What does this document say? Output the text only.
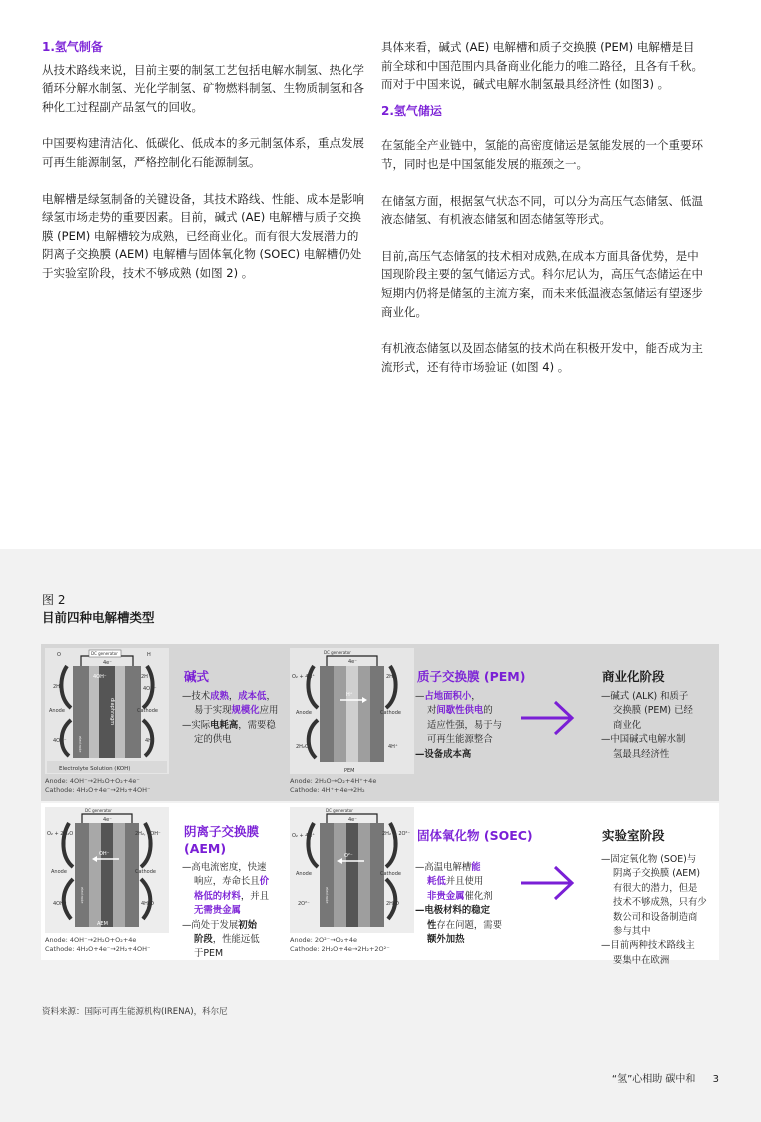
1.氢气制备

从技术路线来说，目前主要的制氢工艺包括电解水制氢、热化学循环分解水制氢、光化学制氢、矿物燃料制氢、生物质制氢和各种化工过程副产品氢气的回收。

中国要构建清洁化、低碳化、低成本的多元制氢体系，重点发展可再生能源制氢，严格控制化石能源制氢。

电解槽是绿氢制备的关键设备，其技术路线、性能、成本是影响绿氢市场走势的重要因素。目前，碱式 (AE) 电解槽与质子交换膜 (PEM) 电解槽较为成熟，已经商业化。而有很大发展潜力的阴离子交换膜 (AEM) 电解槽与固体氧化物 (SOEC) 电解槽仍处于实验室阶段，技术不够成熟 (如图 2) 。

具体来看，碱式 (AE) 电解槽和质子交换膜 (PEM) 电解槽是目前全球和中国范围内具备商业化能力的唯二路径，且各有千秋。而对于中国来说，碱式电解水制氢最具经济性 (如图3) 。

2.氢气储运

在氢能全产业链中，氢能的高密度储运是氢能发展的一个重要环节，同时也是中国氢能发展的瓶颈之一。

在储氢方面，根据氢气状态不同，可以分为高压气态储氢、低温液态储氢、有机液态储氢和固态储氢等形式。

目前,高压气态储氢的技术相对成熟,在成本方面具备优势，是中国现阶段主要的氢气储运方式。科尔尼认为，高压气态储运在中短期内仍将是储氢的主流方案，而未来低温液态氢储运有望逐步商业化。

有机液态储氢以及固态储氢的技术尚在积极开发中，能否成为主流形式，还有待市场验证 (如图 4) 。

图 2
目前四种电解槽类型
DC generator
4e⁻
O	H
2H
4OH⁻	2H
4OH⁻
Anode	Cathode
diaphragm
4OH⁻	4H
electrode
Electrolyte Solution (KOH)
Anode: 4OH⁻→2H₂O+O₂+4e⁻
Cathode: 4H₂O+4e⁻→2H₂+4OH⁻
碱式
—技术成熟，成本低，
易于实现规模化应用
—实际电耗高，需要稳
定的供电
DC generator
4e⁻
O₂ + 4H⁺	2H₂
H⁺
Anode	Cathode
2H₂O	4H⁺
PEM
Anode: 2H₂O→O₂+4H⁺+4e
Cathode: 4H⁺+4e→2H₂
质子交换膜 (PEM)
—占地面积小，
对间歇性供电的
适应性强，易于与
可再生能源整合
—设备成本高
商业化阶段
—碱式 (ALK) 和质子
交换膜 (PEM) 已经
商业化
—中国碱式电解水制
氢最具经济性
DC generator
4e⁻
O₂ + 2H₂O	2H₂, 4OH⁻
OH⁻
Anode	Cathode
4OH⁻	4H₂O
AEM
electrode
Anode: 4OH⁻→2H₂O+O₂+4e
Cathode: 4H₂O+4e⁻→2H₂+4OH⁻
阴离子交换膜
(AEM)
—高电流密度，快速
响应，寿命长且价
格低的材料，并且
无需贵金属
—尚处于发展初始
阶段，性能远低
于PEM
DC generator
4e⁻
O₂ + 4H⁺	2H₂ + 2O²⁻
O²⁻
Anode	Cathode
2O²⁻	2H₂O
electrode
Anode: 2O²⁻→O₂+4e
Cathode: 2H₂O+4e→2H₂+2O²⁻
固体氧化物 (SOEC)
—高温电解槽能
耗低并且使用
非贵金属催化剂
—电极材料的稳定
性存在问题，需要
额外加热
实验室阶段
—固定氧化物 (SOE)与
阴离子交换膜 (AEM)
有很大的潜力，但是
技术不够成熟，只有少
数公司和设备制造商
参与其中
—目前两种技术路线主
要集中在欧洲
资料来源：国际可再生能源机构(IRENA)，科尔尼
“氢”心相助 碳中和 3
